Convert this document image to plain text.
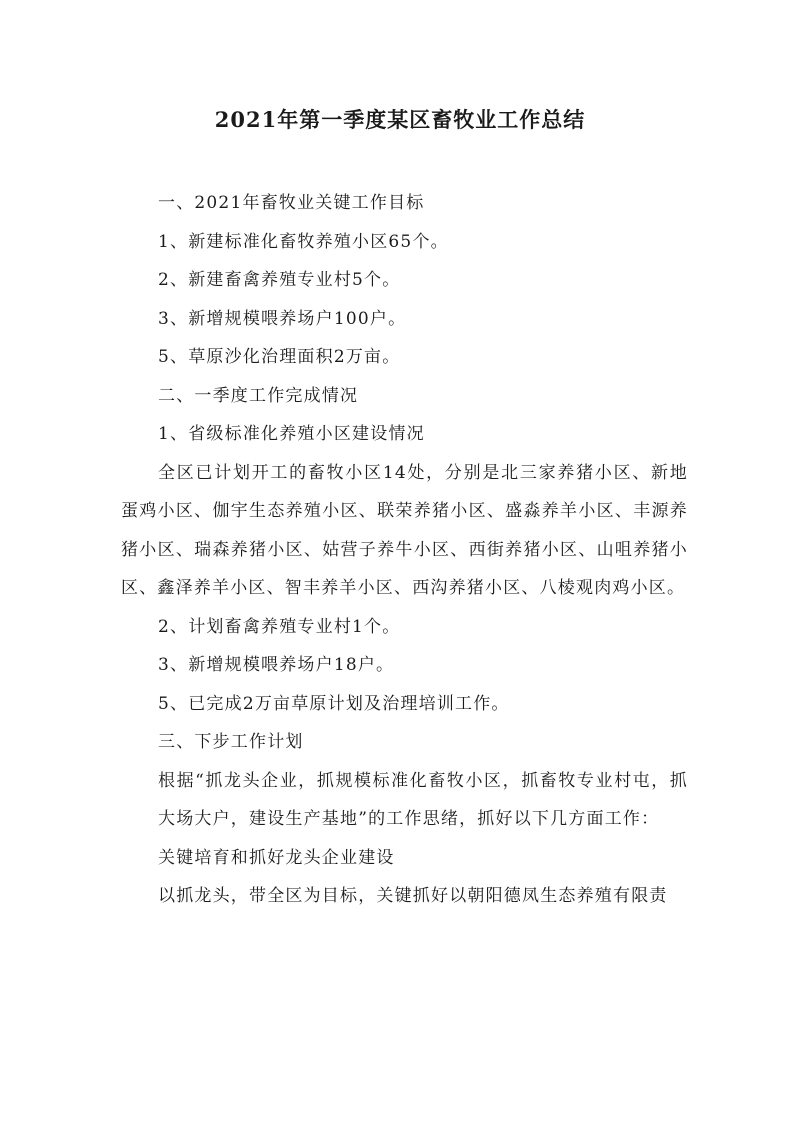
2021年第一季度某区畜牧业工作总结
一、2021年畜牧业关键工作目标
1、新建标准化畜牧养殖小区65个。
2、新建畜禽养殖专业村5个。
3、新增规模喂养场户100户。
5、草原沙化治理面积2万亩。
二、一季度工作完成情况
1、省级标准化养殖小区建设情况
全区已计划开工的畜牧小区14处，分别是北三家养猪小区、新地蛋鸡小区、伽宇生态养殖小区、联荣养猪小区、盛淼养羊小区、丰源养猪小区、瑞森养猪小区、姑营子养牛小区、西街养猪小区、山咀养猪小区、鑫泽养羊小区、智丰养羊小区、西沟养猪小区、八棱观肉鸡小区。
2、计划畜禽养殖专业村1个。
3、新增规模喂养场户18户。
5、已完成2万亩草原计划及治理培训工作。
三、下步工作计划
根据“抓龙头企业，抓规模标准化畜牧小区，抓畜牧专业村屯，抓大场大户，建设生产基地”的工作思绪，抓好以下几方面工作：
关键培育和抓好龙头企业建设
以抓龙头，带全区为目标，关键抓好以朝阳德凤生态养殖有限责
